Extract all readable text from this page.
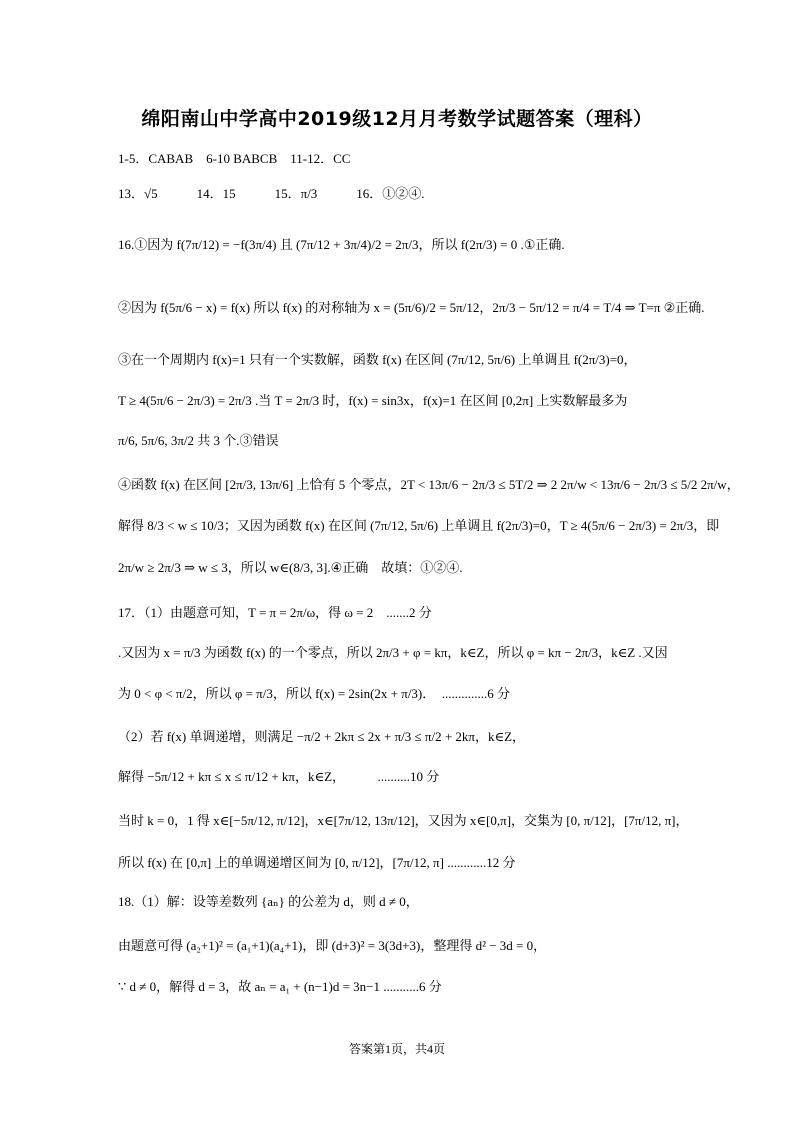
绵阳南山中学高中2019级12月月考数学试题答案（理科）
1-5．CABAB　6-10 BABCB　11-12．CC
13．√5　　　14．15　　　15．π/3　　　16．①②④.
16.①因为 f(7π/12) = −f(3π/4) 且 (7π/12 + 3π/4)/2 = 2π/3，所以 f(2π/3) = 0 .①正确.
②因为 f(5π/6 − x) = f(x) 所以 f(x) 的对称轴为 x = (5π/6)/2 = 5π/12，2π/3 − 5π/12 = π/4 = T/4 ⇒ T=π ②正确.
③在一个周期内 f(x)=1 只有一个实数解，函数 f(x) 在区间 (7π/12, 5π/6) 上单调且 f(2π/3)=0，
T ≥ 4(5π/6 − 2π/3) = 2π/3 .当 T = 2π/3 时，f(x) = sin3x，f(x)=1 在区间 [0,2π] 上实数解最多为
π/6, 5π/6, 3π/2 共 3 个.③错误
④函数 f(x) 在区间 [2π/3, 13π/6] 上恰有 5 个零点，2T < 13π/6 − 2π/3 ≤ 5T/2 ⇒ 2 2π/w < 13π/6 − 2π/3 ≤ 5/2 2π/w，
解得 8/3 < w ≤ 10/3；又因为函数 f(x) 在区间 (7π/12, 5π/6) 上单调且 f(2π/3)=0，T ≥ 4(5π/6 − 2π/3) = 2π/3，即
2π/w ≥ 2π/3 ⇒ w ≤ 3，所以 w∈(8/3, 3].④正确　故填：①②④.
17．（1）由题意可知，T = π = 2π/ω，得 ω = 2　.......2 分
.又因为 x = π/3 为函数 f(x) 的一个零点，所以 2π/3 + φ = kπ，k∈Z，所以 φ = kπ − 2π/3，k∈Z .又因
为 0 < φ < π/2，所以 φ = π/3，所以 f(x) = 2sin(2x + π/3)．　..............6 分
（2）若 f(x) 单调递增，则满足 −π/2 + 2kπ ≤ 2x + π/3 ≤ π/2 + 2kπ，k∈Z，
解得 −5π/12 + kπ ≤ x ≤ π/12 + kπ，k∈Z，　　　..........10 分
当时 k = 0，1 得 x∈[−5π/12, π/12]，x∈[7π/12, 13π/12]，又因为 x∈[0,π]，交集为 [0, π/12]，[7π/12, π]，
所以 f(x) 在 [0,π] 上的单调递增区间为 [0, π/12]，[7π/12, π] ............12 分
18.（1）解：设等差数列 {aₙ} 的公差为 d，则 d ≠ 0，
由题意可得 (a₂+1)² = (a₁+1)(a₄+1)，即 (d+3)² = 3(3d+3)，整理得 d² − 3d = 0，
∵ d ≠ 0，解得 d = 3，故 aₙ = a₁ + (n−1)d = 3n−1 ...........6 分
答案第1页，共4页
